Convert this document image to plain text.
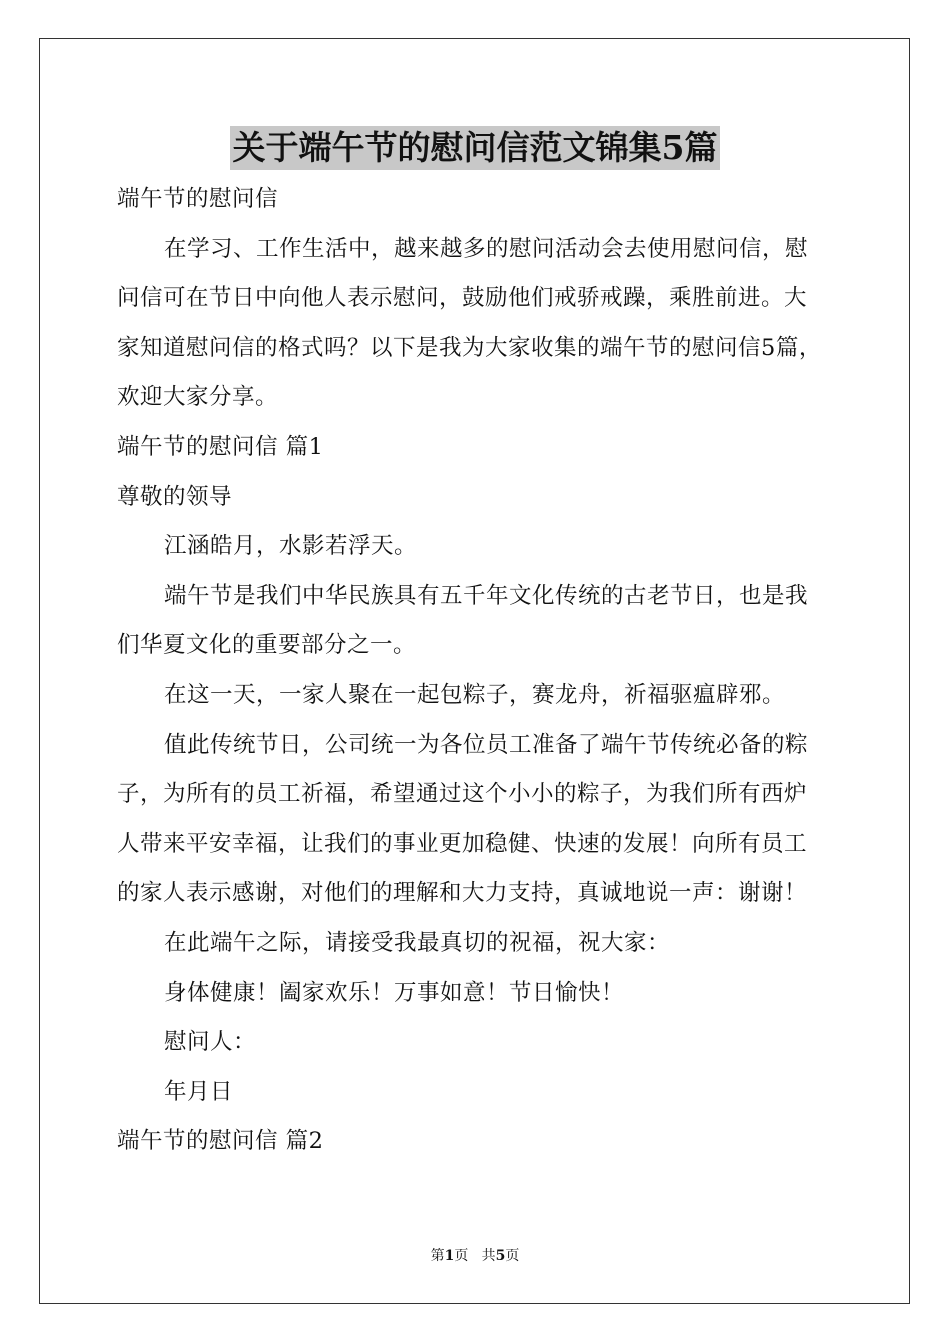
关于端午节的慰问信范文锦集5篇
端午节的慰问信
在学习、工作生活中，越来越多的慰问活动会去使用慰问信，慰
问信可在节日中向他人表示慰问，鼓励他们戒骄戒躁，乘胜前进。大
家知道慰问信的格式吗？以下是我为大家收集的端午节的慰问信5篇，
欢迎大家分享。
端午节的慰问信 篇1
尊敬的领导
江涵皓月，水影若浮天。
端午节是我们中华民族具有五千年文化传统的古老节日，也是我
们华夏文化的重要部分之一。
在这一天，一家人聚在一起包粽子，赛龙舟，祈福驱瘟辟邪。
值此传统节日，公司统一为各位员工准备了端午节传统必备的粽
子，为所有的员工祈福，希望通过这个小小的粽子，为我们所有西炉
人带来平安幸福，让我们的事业更加稳健、快速的发展！向所有员工
的家人表示感谢，对他们的理解和大力支持，真诚地说一声：谢谢！
在此端午之际，请接受我最真切的祝福，祝大家：
身体健康！阖家欢乐！万事如意！节日愉快！
慰问人：
年月日
端午节的慰问信 篇2
第1页 共5页
